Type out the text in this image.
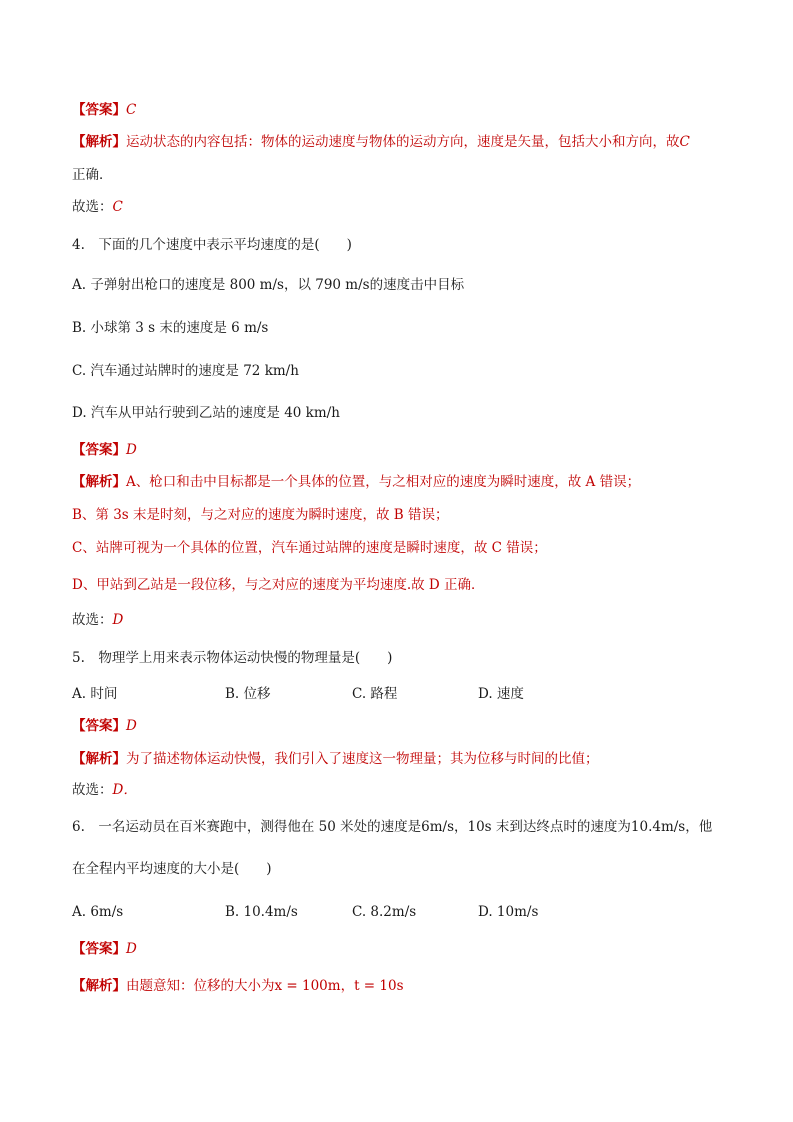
【答案】C
【解析】运动状态的内容包括：物体的运动速度与物体的运动方向，速度是矢量，包括大小和方向，故C
正确．
故选：C
4.　下面的几个速度中表示平均速度的是(　　)
A. 子弹射出枪口的速度是 800 m/s，以 790 m/s的速度击中目标
B. 小球第 3 s 末的速度是 6 m/s
C. 汽车通过站牌时的速度是 72 km/h
D. 汽车从甲站行驶到乙站的速度是 40 km/h
【答案】D
【解析】A、枪口和击中目标都是一个具体的位置，与之相对应的速度为瞬时速度，故 A 错误；
B、第 3s 末是时刻，与之对应的速度为瞬时速度，故 B 错误；
C、站牌可视为一个具体的位置，汽车通过站牌的速度是瞬时速度，故 C 错误；
D、甲站到乙站是一段位移，与之对应的速度为平均速度.故 D 正确．
故选：D
5.　物理学上用来表示物体运动快慢的物理量是(　　)
A. 时间	B. 位移	C. 路程	D. 速度
【答案】D
【解析】为了描述物体运动快慢，我们引入了速度这一物理量；其为位移与时间的比值；
故选：D．
6.　一名运动员在百米赛跑中，测得他在 50 米处的速度是6m/s，10s 末到达终点时的速度为10.4m/s，他
在全程内平均速度的大小是(　　)
A. 6m/s	B. 10.4m/s	C. 8.2m/s	D. 10m/s
【答案】D
【解析】由题意知：位移的大小为x = 100m，t = 10s
